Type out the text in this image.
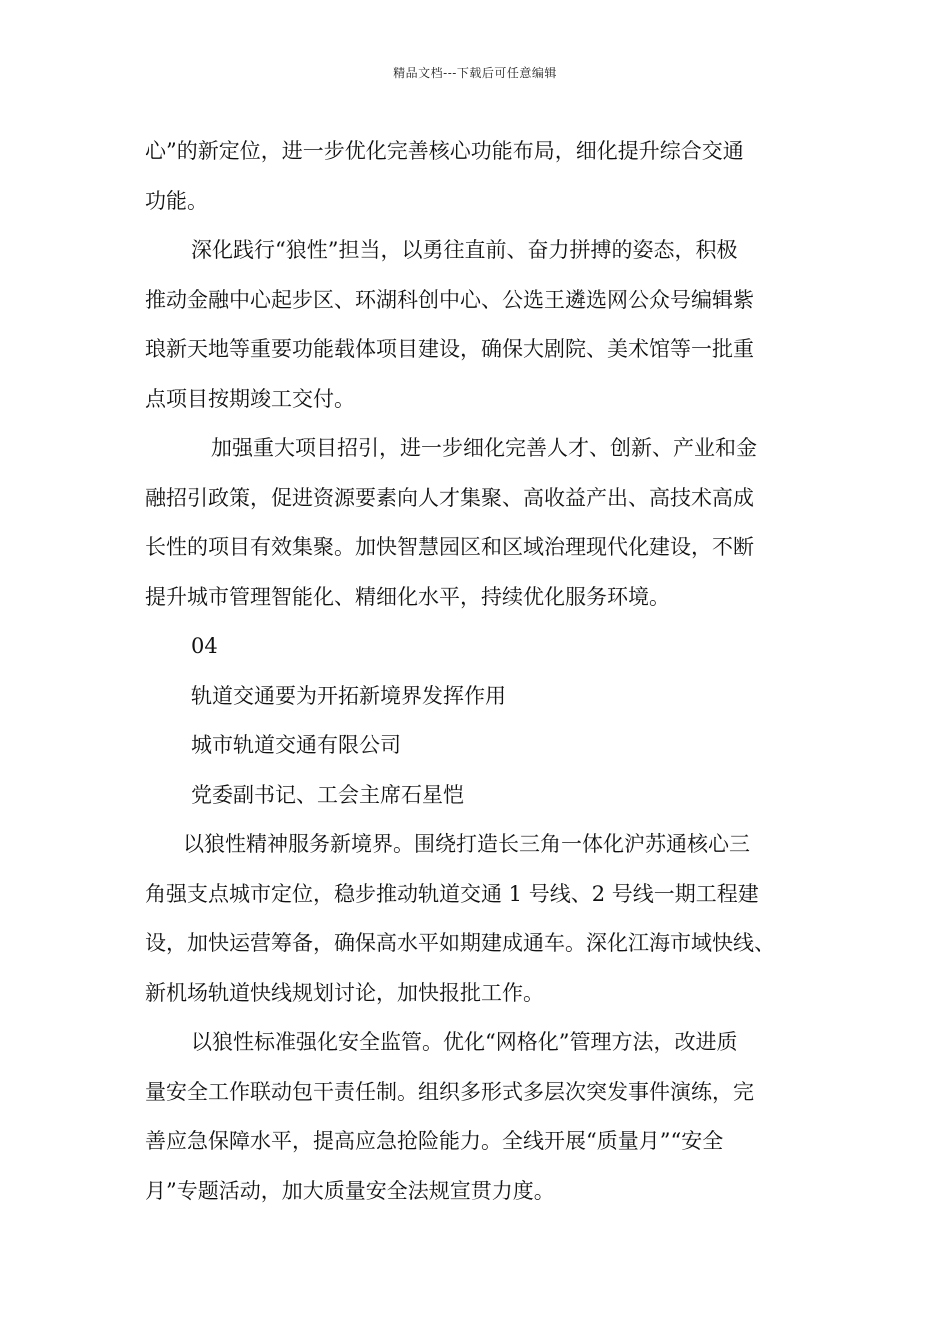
精品文档---下载后可任意编辑

心”的新定位，进一步优化完善核心功能布局，细化提升综合交通

功能。

深化践行“狼性”担当，以勇往直前、奋力拼搏的姿态，积极

推动金融中心起步区、环湖科创中心、公选王遴选网公众号编辑紫

琅新天地等重要功能载体项目建设，确保大剧院、美术馆等一批重

点项目按期竣工交付。

加强重大项目招引，进一步细化完善人才、创新、产业和金

融招引政策，促进资源要素向人才集聚、高收益产出、高技术高成

长性的项目有效集聚。加快智慧园区和区域治理现代化建设，不断

提升城市管理智能化、精细化水平，持续优化服务环境。

04

轨道交通要为开拓新境界发挥作用

城市轨道交通有限公司

党委副书记、工会主席石星恺

以狼性精神服务新境界。围绕打造长三角一体化沪苏通核心三

角强支点城市定位，稳步推动轨道交通 1 号线、2 号线一期工程建

设，加快运营筹备，确保高水平如期建成通车。深化江海市域快线、

新机场轨道快线规划讨论，加快报批工作。

以狼性标准强化安全监管。优化“网格化”管理方法，改进质

量安全工作联动包干责任制。组织多形式多层次突发事件演练，完

善应急保障水平，提高应急抢险能力。全线开展“质量月”“安全

月”专题活动，加大质量安全法规宣贯力度。
